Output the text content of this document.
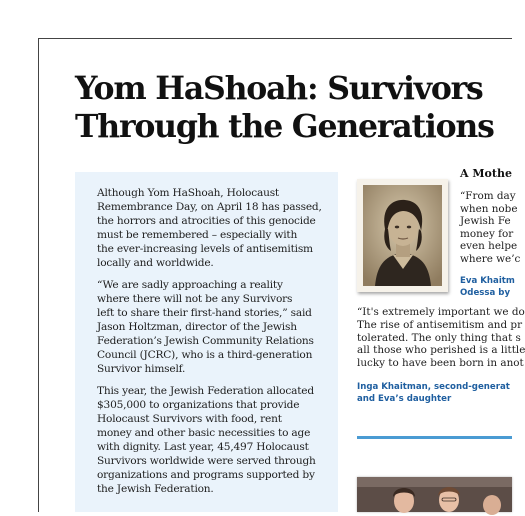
Yom HaShoah: Survivors
Through the Generations

Although Yom HaShoah, Holocaust
Remembrance Day, on April 18 has passed,
the horrors and atrocities of this genocide
must be remembered – especially with
the ever-increasing levels of antisemitism
locally and worldwide.

“We are sadly approaching a reality
where there will not be any Survivors
left to share their first-hand stories,” said
Jason Holtzman, director of the Jewish
Federation’s Jewish Community Relations
Council (JCRC), who is a third-generation
Survivor himself.

This year, the Jewish Federation allocated
$305,000 to organizations that provide
Holocaust Survivors with food, rent
money and other basic necessities to age
with dignity. Last year, 45,497 Holocaust
Survivors worldwide were served through
organizations and programs supported by
the Jewish Federation.

A Mothe

“From day
when nobe
Jewish Fe
money for
even helpe
where we’c

Eva Khaitm
Odessa by

“It's extremely important we do
The rise of antisemitism and pr
tolerated. The only thing that s
all those who perished is a little
lucky to have been born in anot

Inga Khaitman, second-generat
and Eva’s daughter
